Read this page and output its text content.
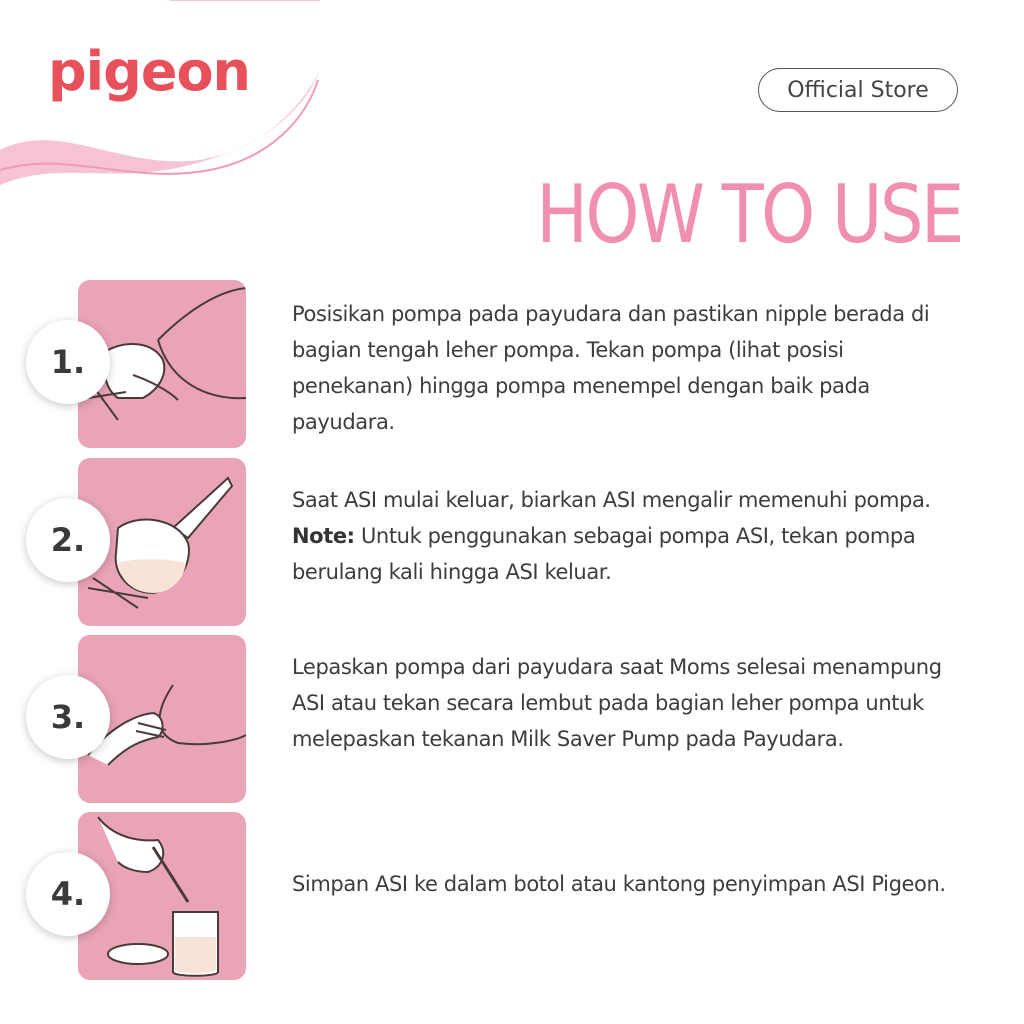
pigeon	Official Store
HOW TO USE
1.
Posisikan pompa pada payudara dan pastikan nipple berada di bagian tengah leher pompa. Tekan pompa (lihat posisi penekanan) hingga pompa menempel dengan baik pada payudara.
2.
Saat ASI mulai keluar, biarkan ASI mengalir memenuhi pompa. Note: Untuk penggunakan sebagai pompa ASI, tekan pompa berulang kali hingga ASI keluar.
3.
Lepaskan pompa dari payudara saat Moms selesai menampung ASI atau tekan secara lembut pada bagian leher pompa untuk melepaskan tekanan Milk Saver Pump pada Payudara.
4.	Simpan ASI ke dalam botol atau kantong penyimpan ASI Pigeon.
